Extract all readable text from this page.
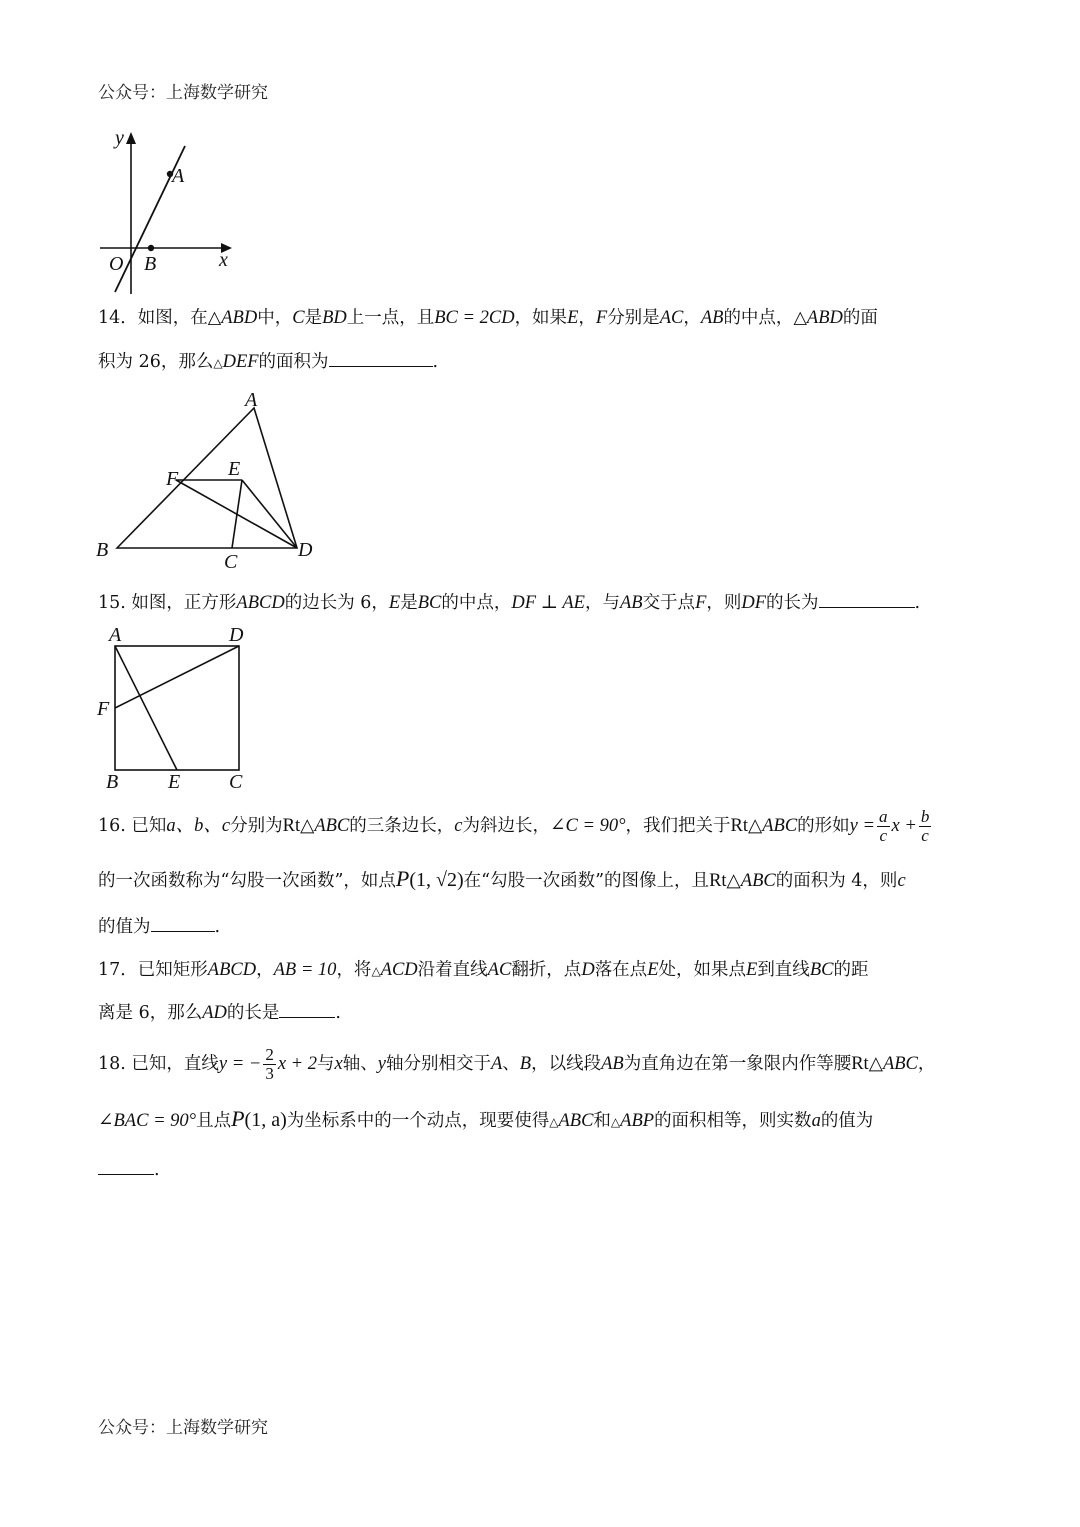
公众号：上海数学研究
y
A
O B	x
14．如图，在△ABD中，C是BD上一点，且BC = 2CD，如果E，F分别是AC，AB的中点，△ABD的面
积为 26，那么△DEF的面积为	.
A
E
F
B
C
D
15. 如图，正方形ABCD的边长为 6，E是BC的中点，DF ⊥ AE，与AB交于点F，则DF的长为	.
A	D
F
B E C
16. 已知a、b、c分别为Rt△ABC的三条边长，c为斜边长，∠C = 90°，我们把关于Rt△ABC的形如$y = \frac{a}{c}$ $x + \frac{b}{c}$
的一次函数称为“勾股一次函数”，如点P(1, √2)在“勾股一次函数”的图像上，且Rt△ABC的面积为 4，则c
的值为	.
17．已知矩形ABCD，AB = 10，将△ACD沿着直线AC翻折，点D落在点E处，如果点E到直线BC的距
离是 6，那么AD的长是	.
18. 已知，直线y = − $\frac{2}{3}$ x + 2与x轴、y轴分别相交于A、B，以线段AB为直角边在第一象限内作等腰Rt△ABC，
∠BAC = 90°且点P(1, a)为坐标系中的一个动点，现要使得△ABC和△ABP的面积相等，则实数a的值为
.
公众号：上海数学研究
